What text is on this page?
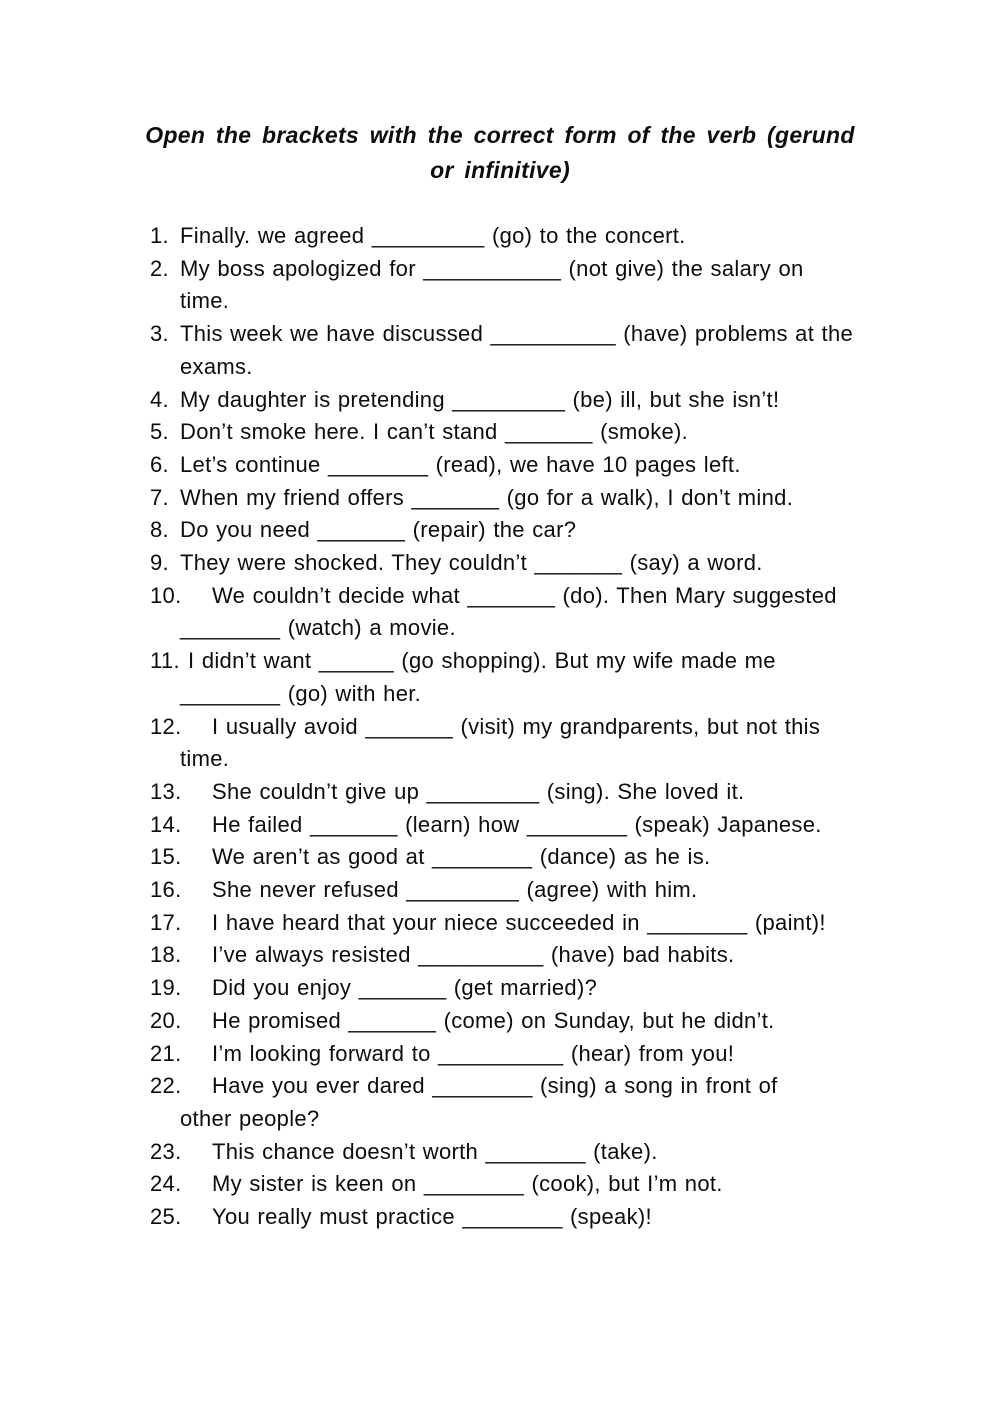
Open the brackets with the correct form of the verb (gerund
or infinitive)
1. Finally. we agreed _________ (go) to the concert.
2. My boss apologized for ___________ (not give) the salary on
time.
3. This week we have discussed __________ (have) problems at the
exams.
4. My daughter is pretending _________ (be) ill, but she isn’t!
5. Don’t smoke here. I can’t stand _______ (smoke).
6. Let’s continue ________ (read), we have 10 pages left.
7. When my friend offers _______ (go for a walk), I don’t mind.
8. Do you need _______ (repair) the car?
9. They were shocked. They couldn’t _______ (say) a word.
10.	We couldn’t decide what _______ (do). Then Mary suggested
________ (watch) a movie.
11. I didn’t want ______ (go shopping). But my wife made me
________ (go) with her.
12.	I usually avoid _______ (visit) my grandparents, but not this
time.
13.	She couldn’t give up _________ (sing). She loved it.
14.	He failed _______ (learn) how ________ (speak) Japanese.
15.	We aren’t as good at ________ (dance) as he is.
16.	She never refused _________ (agree) with him.
17.	I have heard that your niece succeeded in ________ (paint)!
18.	I’ve always resisted __________ (have) bad habits.
19.	Did you enjoy _______ (get married)?
20.	He promised _______ (come) on Sunday, but he didn’t.
21.	I’m looking forward to __________ (hear) from you!
22.	Have you ever dared ________ (sing) a song in front of
other people?
23.	This chance doesn’t worth ________ (take).
24.	My sister is keen on ________ (cook), but I’m not.
25.	You really must practice ________ (speak)!
